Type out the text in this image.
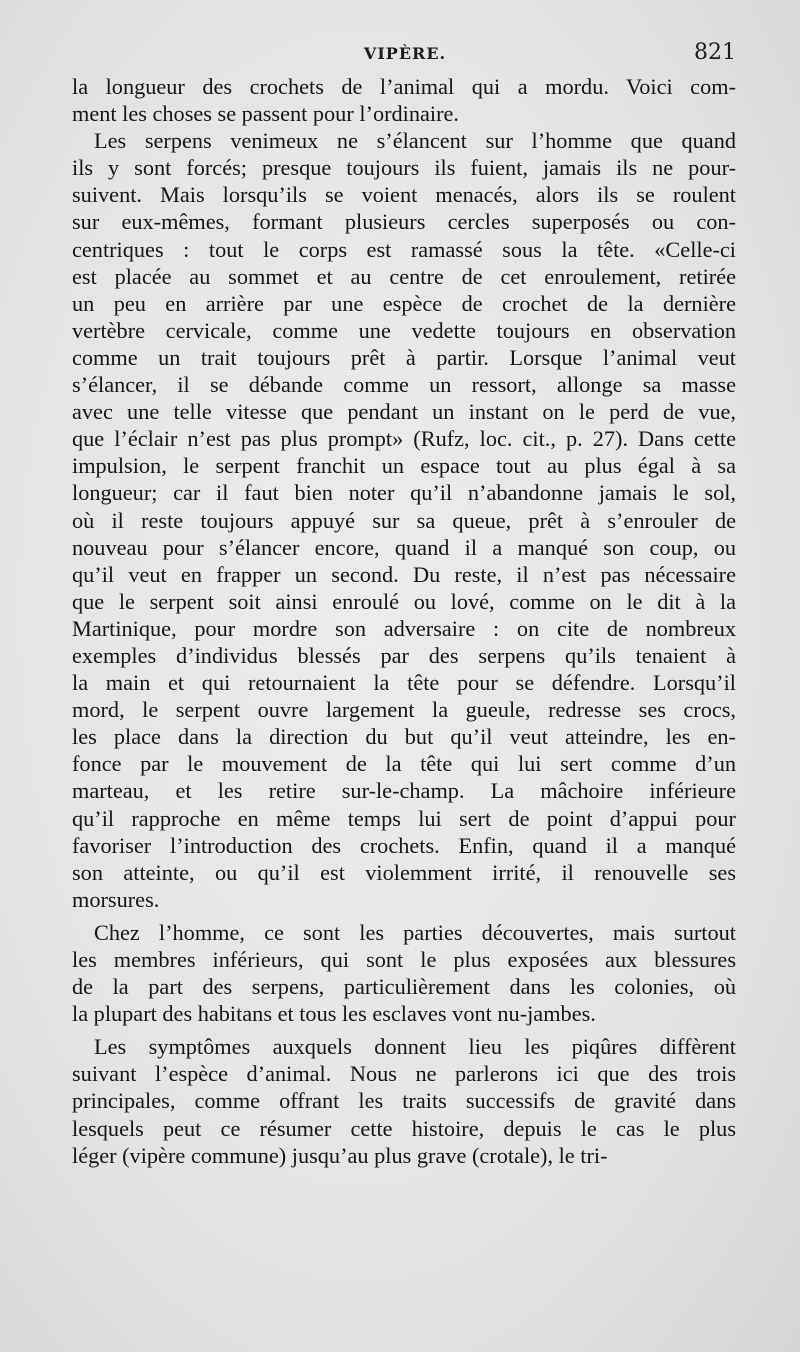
VIPÈRE.	821
la longueur des crochets de l’animal qui a mordu. Voici com-
ment les choses se passent pour l’ordinaire.
Les serpens venimeux ne s’élancent sur l’homme que quand
ils y sont forcés; presque toujours ils fuient, jamais ils ne pour-
suivent. Mais lorsqu’ils se voient menacés, alors ils se roulent
sur eux-mêmes, formant plusieurs cercles superposés ou con-
centriques : tout le corps est ramassé sous la tête. «Celle-ci
est placée au sommet et au centre de cet enroulement, retirée
un peu en arrière par une espèce de crochet de la dernière
vertèbre cervicale, comme une vedette toujours en observation
comme un trait toujours prêt à partir. Lorsque l’animal veut
s’élancer, il se débande comme un ressort, allonge sa masse
avec une telle vitesse que pendant un instant on le perd de vue,
que l’éclair n’est pas plus prompt» (Rufz, loc. cit., p. 27). Dans cette
impulsion, le serpent franchit un espace tout au plus égal à sa
longueur; car il faut bien noter qu’il n’abandonne jamais le sol,
où il reste toujours appuyé sur sa queue, prêt à s’enrouler de
nouveau pour s’élancer encore, quand il a manqué son coup, ou
qu’il veut en frapper un second. Du reste, il n’est pas nécessaire
que le serpent soit ainsi enroulé ou lové, comme on le dit à la
Martinique, pour mordre son adversaire : on cite de nombreux
exemples d’individus blessés par des serpens qu’ils tenaient à
la main et qui retournaient la tête pour se défendre. Lorsqu’il
mord, le serpent ouvre largement la gueule, redresse ses crocs,
les place dans la direction du but qu’il veut atteindre, les en-
fonce par le mouvement de la tête qui lui sert comme d’un
marteau, et les retire sur-le-champ. La mâchoire inférieure
qu’il rapproche en même temps lui sert de point d’appui pour
favoriser l’introduction des crochets. Enfin, quand il a manqué
son atteinte, ou qu’il est violemment irrité, il renouvelle ses
morsures.
Chez l’homme, ce sont les parties découvertes, mais surtout
les membres inférieurs, qui sont le plus exposées aux blessures
de la part des serpens, particulièrement dans les colonies, où
la plupart des habitans et tous les esclaves vont nu-jambes.
Les symptômes auxquels donnent lieu les piqûres diffèrent
suivant l’espèce d’animal. Nous ne parlerons ici que des trois
principales, comme offrant les traits successifs de gravité dans
lesquels peut ce résumer cette histoire, depuis le cas le plus
léger (vipère commune) jusqu’au plus grave (crotale), le tri-
